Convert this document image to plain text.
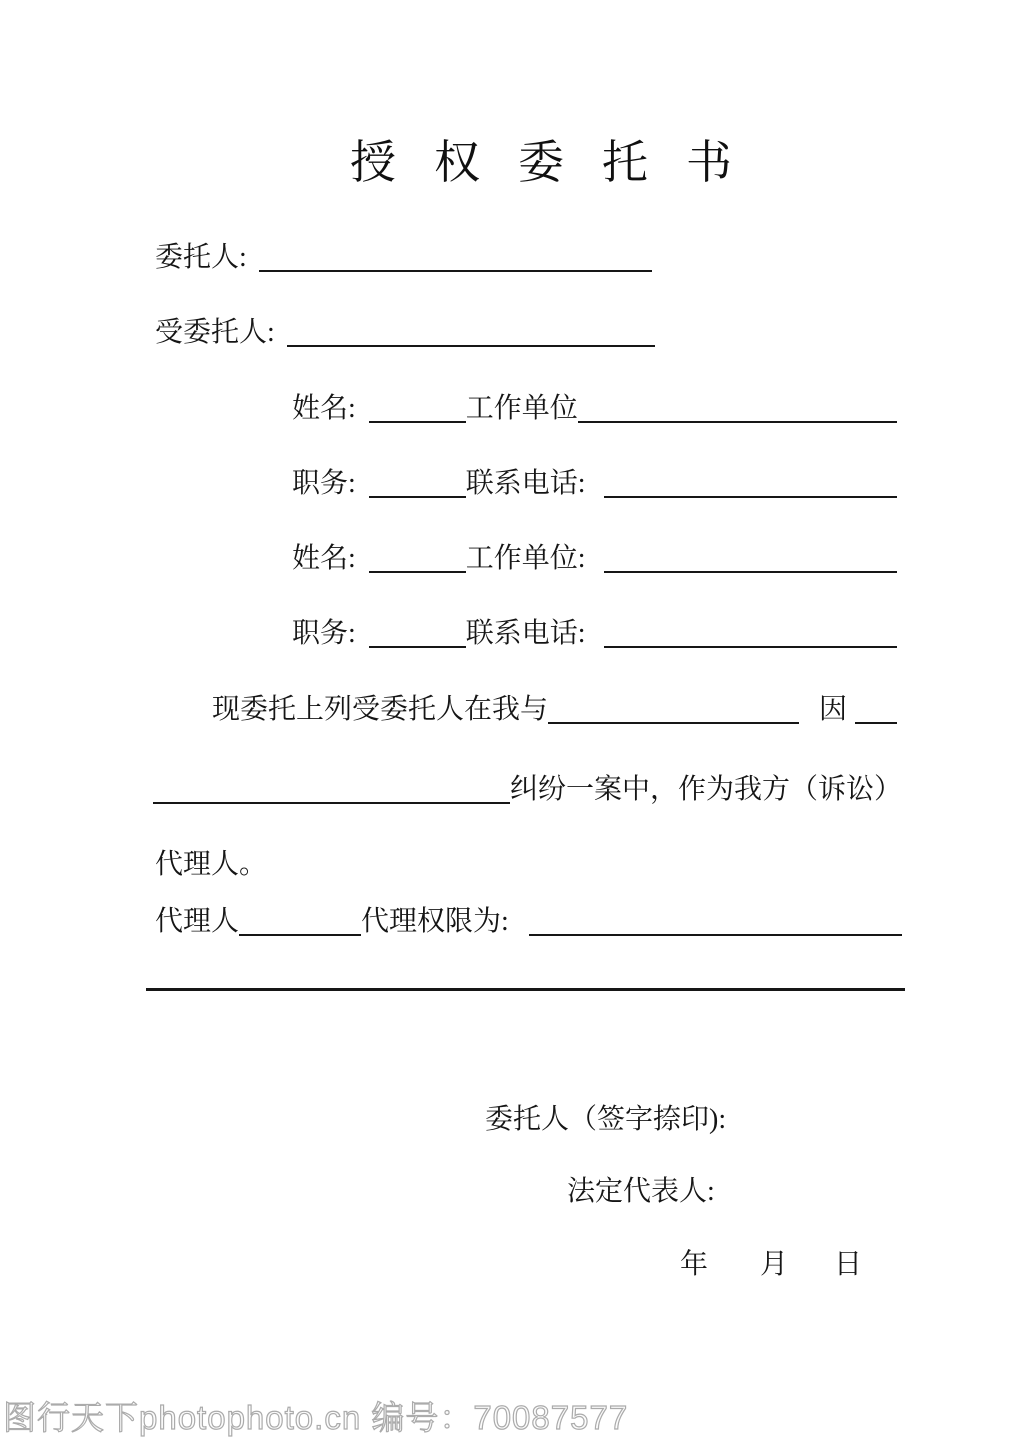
授权委托书
委托人:
受委托人:
姓名:	工作单位
职务:	联系电话:
姓名:	工作单位:
职务:	联系电话:
现委托上列受委托人在我与	因
纠纷一案中，作为我方（诉讼）
代理人。
代理人	代理权限为:
委托人（签字捺印):
法定代表人:
年 月 日
图行天下photophoto.cn 编号：70087577
